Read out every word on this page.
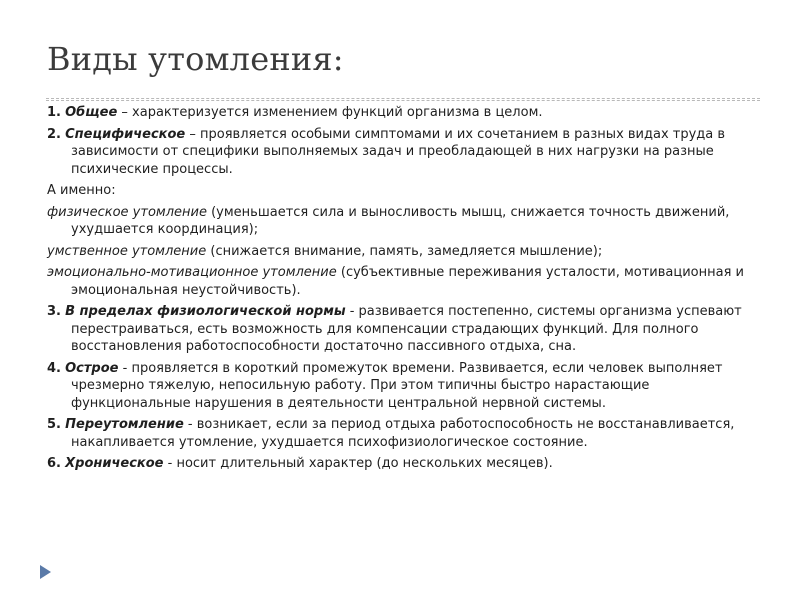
Виды утомления:

1. Общее – характеризуется изменением функций организма в целом.

2. Специфическое – проявляется особыми симптомами и их сочетанием в разных видах труда в зависимости от специфики выполняемых задач и преобладающей в них нагрузки на разные психические процессы.

А именно:

физическое утомление (уменьшается сила и выносливость мышц, снижается точность движений, ухудшается координация);

умственное утомление (снижается внимание, память, замедляется мышление);

эмоционально-мотивационное утомление (субъективные переживания усталости, мотивационная и эмоциональная неустойчивость).

3. В пределах физиологической нормы - развивается постепенно, системы организма успевают перестраиваться, есть возможность для компенсации страдающих функций. Для полного восстановления работоспособности достаточно пассивного отдыха, сна.

4. Острое - проявляется в короткий промежуток времени. Развивается, если человек выполняет чрезмерно тяжелую, непосильную работу. При этом типичны быстро нарастающие функциональные нарушения в деятельности центральной нервной системы.

5. Переутомление - возникает, если за период отдыха работоспособность не восстанавливается, накапливается утомление, ухудшается психофизиологическое состояние.

6. Хроническое - носит длительный характер (до нескольких месяцев).
